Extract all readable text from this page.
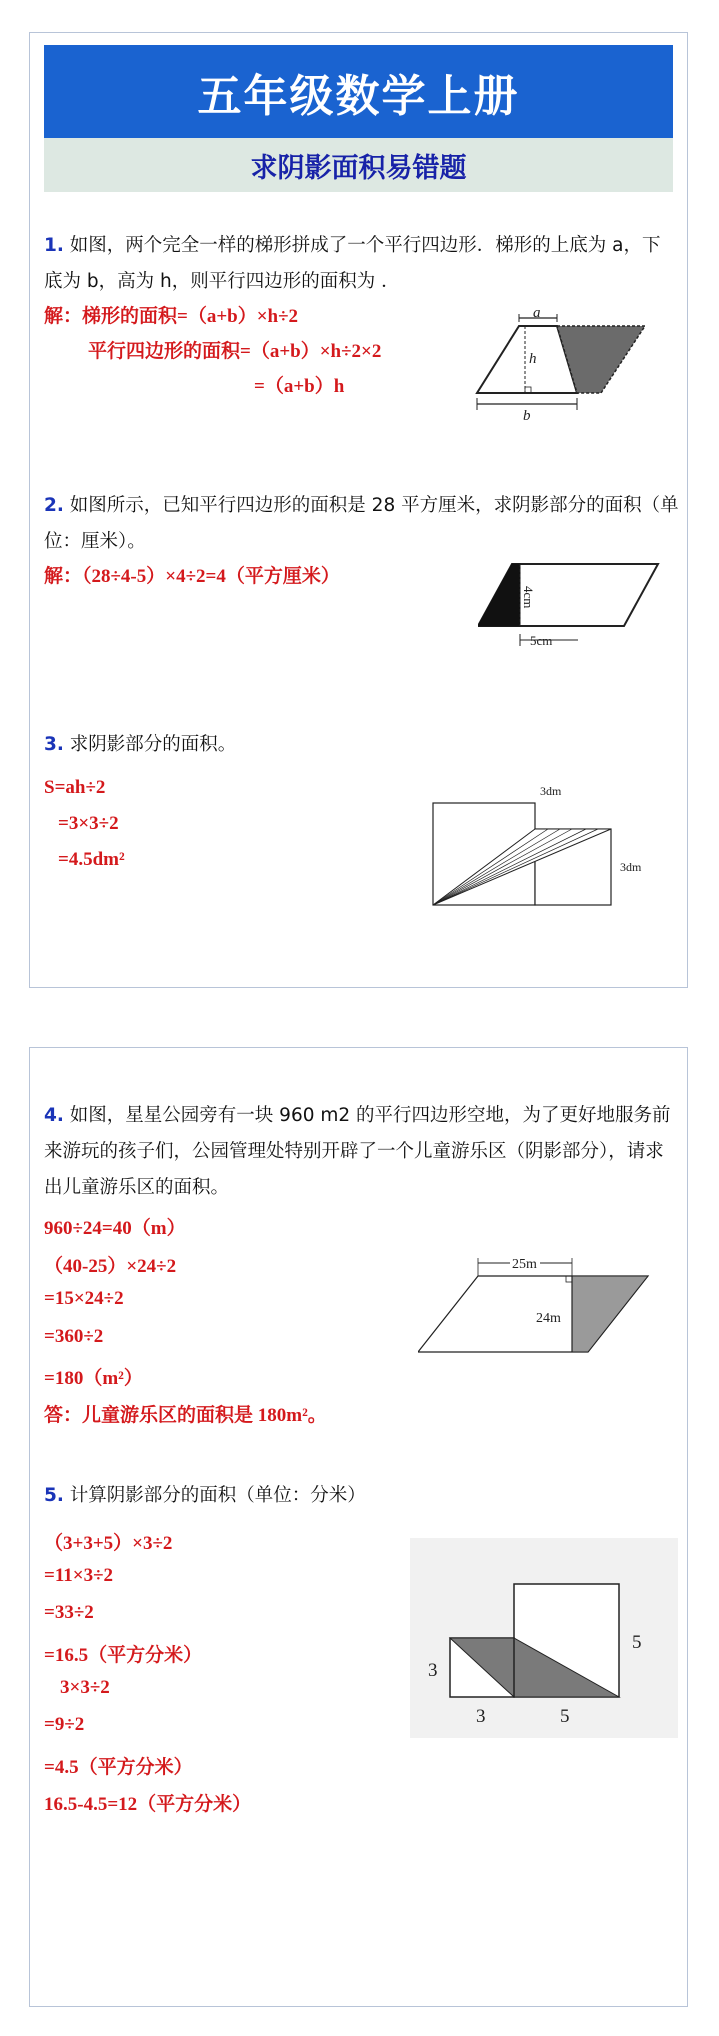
五年级数学上册
求阴影面积易错题
1. 如图，两个完全一样的梯形拼成了一个平行四边形．梯形的上底为 a，下底为 b，高为 h，则平行四边形的面积为 ．
解：梯形的面积=（a+b）×h÷2
平行四边形的面积=（a+b）×h÷2×2
=（a+b）h
a
h
b
2. 如图所示，已知平行四边形的面积是 28 平方厘米，求阴影部分的面积（单位：厘米）。
解：（28÷4-5）×4÷2=4（平方厘米）
4cm
5cm
3. 求阴影部分的面积。
S=ah÷2
=3×3÷2
=4.5dm²
3dm
3dm
4. 如图，星星公园旁有一块 960 m2 的平行四边形空地，为了更好地服务前来游玩的孩子们，公园管理处特别开辟了一个儿童游乐区（阴影部分），请求出儿童游乐区的面积。
960÷24=40（m）
（40-25）×24÷2
=15×24÷2
=360÷2
=180（m²）
答：儿童游乐区的面积是 180m²。
25m
24m
5. 计算阴影部分的面积（单位：分米）
（3+3+5）×3÷2
=11×3÷2
=33÷2
=16.5（平方分米）
3×3÷2
=9÷2
=4.5（平方分米）
16.5-4.5=12（平方分米）
3
5
3	5
